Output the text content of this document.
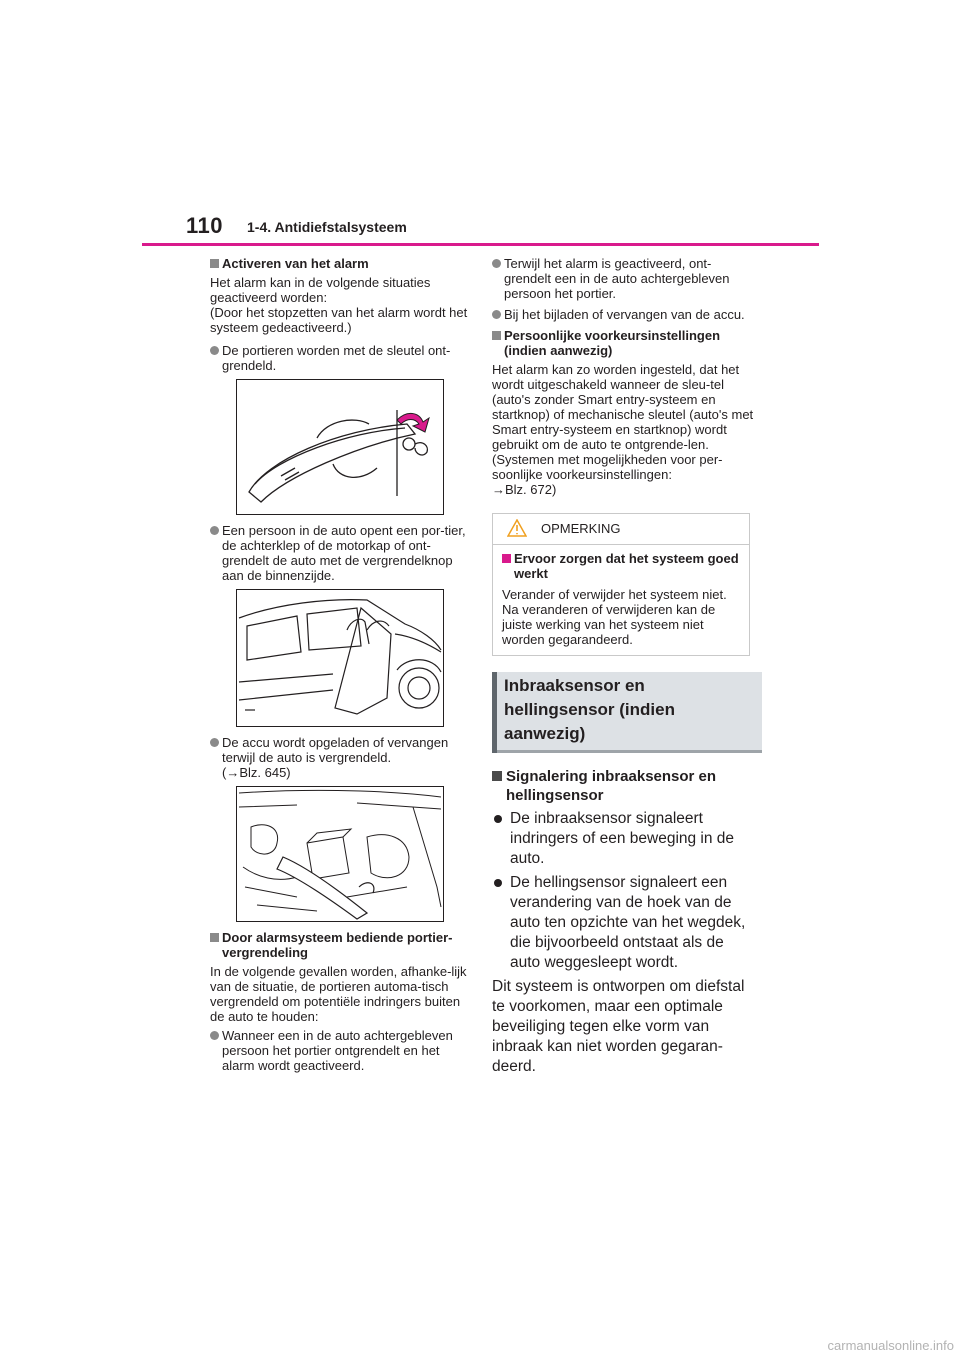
110 1-4. Antidiefstalsysteem
Activeren van het alarm

Het alarm kan in de volgende situaties geactiveerd worden:
(Door het stopzetten van het alarm wordt het systeem gedeactiveerd.)

De portieren worden met de sleutel ont-grendeld.
Een persoon in de auto opent een por-tier, de achterklep of de motorkap of ont-grendelt de auto met de vergrendelknop aan de binnenzijde.
De accu wordt opgeladen of vervangen terwijl de auto is vergrendeld.
(→Blz. 645)
Door alarmsysteem bediende portier-vergrendeling

In de volgende gevallen worden, afhanke-lijk van de situatie, de portieren automa-tisch vergrendeld om potentiële indringers buiten de auto te houden:

Wanneer een in de auto achtergebleven persoon het portier ontgrendelt en het alarm wordt geactiveerd.
Terwijl het alarm is geactiveerd, ont-grendelt een in de auto achtergebleven persoon het portier.
Bij het bijladen of vervangen van de accu.
Persoonlijke voorkeursinstellingen (indien aanwezig)

Het alarm kan zo worden ingesteld, dat het wordt uitgeschakeld wanneer de sleu-tel (auto's zonder Smart entry-systeem en startknop) of mechanische sleutel (auto's met Smart entry-systeem en startknop) wordt gebruikt om de auto te ontgrende-len.
(Systemen met mogelijkheden voor per-soonlijke voorkeursinstellingen:
→Blz. 672)

OPMERKING
Ervoor zorgen dat het systeem goed werkt

Verander of verwijder het systeem niet. Na veranderen of verwijderen kan de juiste werking van het systeem niet worden gegarandeerd.

Inbraaksensor en
hellingsensor (indien
aanwezig)
Signalering inbraaksensor en hellingsensor
De inbraaksensor signaleert indringers of een beweging in de auto.
De hellingsensor signaleert een verandering van de hoek van de auto ten opzichte van het wegdek, die bijvoorbeeld ontstaat als de auto weggesleept wordt.

Dit systeem is ontworpen om diefstal te voorkomen, maar een optimale beveiliging tegen elke vorm van inbraak kan niet worden gegaran-deerd.

carmanualsonline.info
